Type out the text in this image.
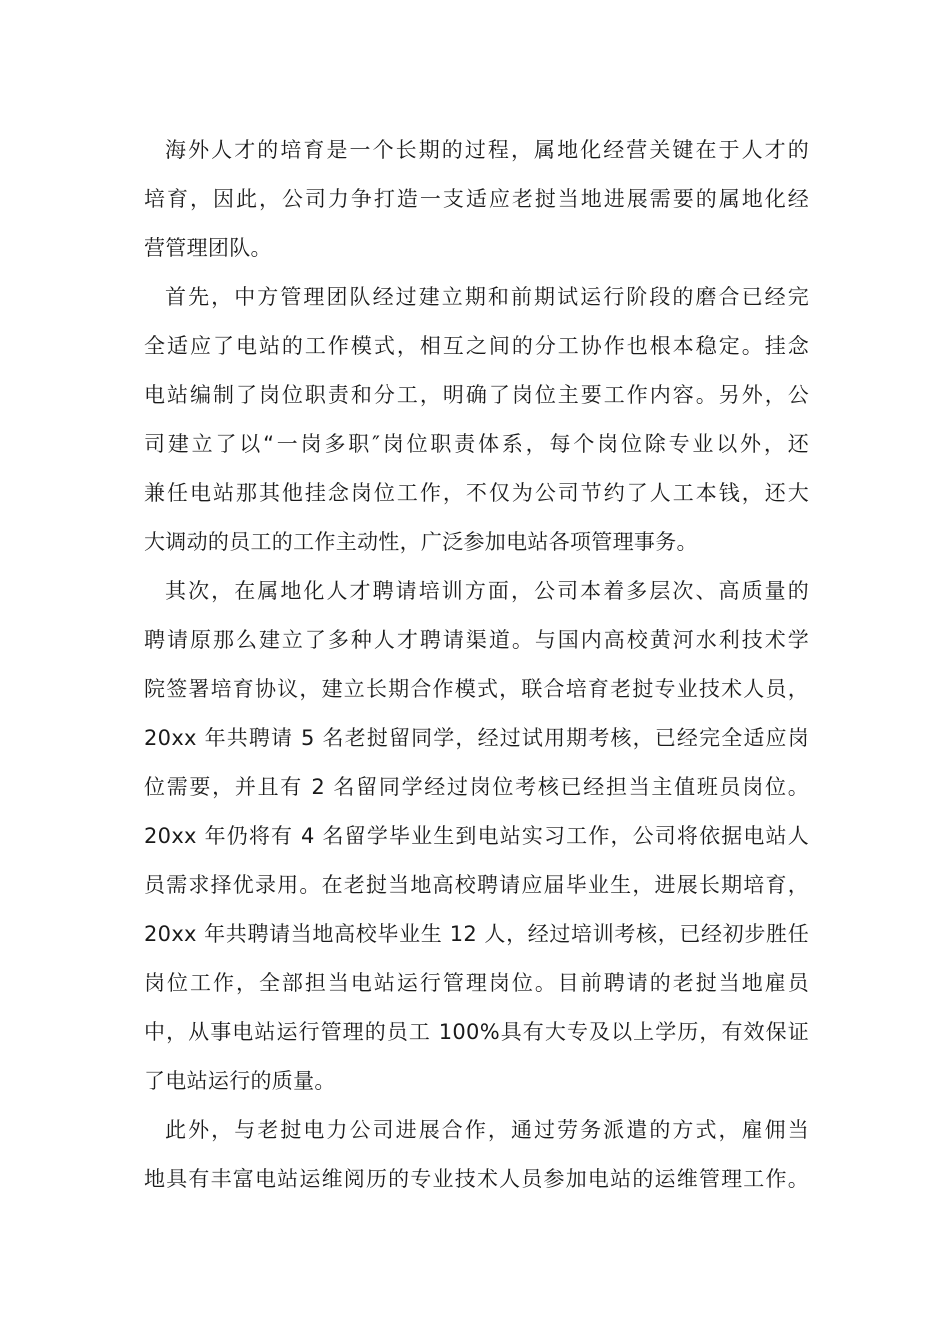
海外人才的培育是一个长期的过程，属地化经营关键在于人才的
培育，因此，公司力争打造一支适应老挝当地进展需要的属地化经
营管理团队。
首先，中方管理团队经过建立期和前期试运行阶段的磨合已经完
全适应了电站的工作模式，相互之间的分工协作也根本稳定。挂念
电站编制了岗位职责和分工，明确了岗位主要工作内容。另外，公
司建立了以“一岗多职″岗位职责体系，每个岗位除专业以外，还
兼任电站那其他挂念岗位工作，不仅为公司节约了人工本钱，还大
大调动的员工的工作主动性，广泛参加电站各项管理事务。
其次，在属地化人才聘请培训方面，公司本着多层次、高质量的
聘请原那么建立了多种人才聘请渠道。与国内高校黄河水利技术学
院签署培育协议，建立长期合作模式，联合培育老挝专业技术人员，
20xx 年共聘请 5 名老挝留同学，经过试用期考核，已经完全适应岗
位需要，并且有 2 名留同学经过岗位考核已经担当主值班员岗位。
20xx 年仍将有 4 名留学毕业生到电站实习工作，公司将依据电站人
员需求择优录用。在老挝当地高校聘请应届毕业生，进展长期培育，
20xx 年共聘请当地高校毕业生 12 人，经过培训考核，已经初步胜任
岗位工作，全部担当电站运行管理岗位。目前聘请的老挝当地雇员
中，从事电站运行管理的员工 100%具有大专及以上学历，有效保证
了电站运行的质量。
此外，与老挝电力公司进展合作，通过劳务派遣的方式，雇佣当
地具有丰富电站运维阅历的专业技术人员参加电站的运维管理工作。
